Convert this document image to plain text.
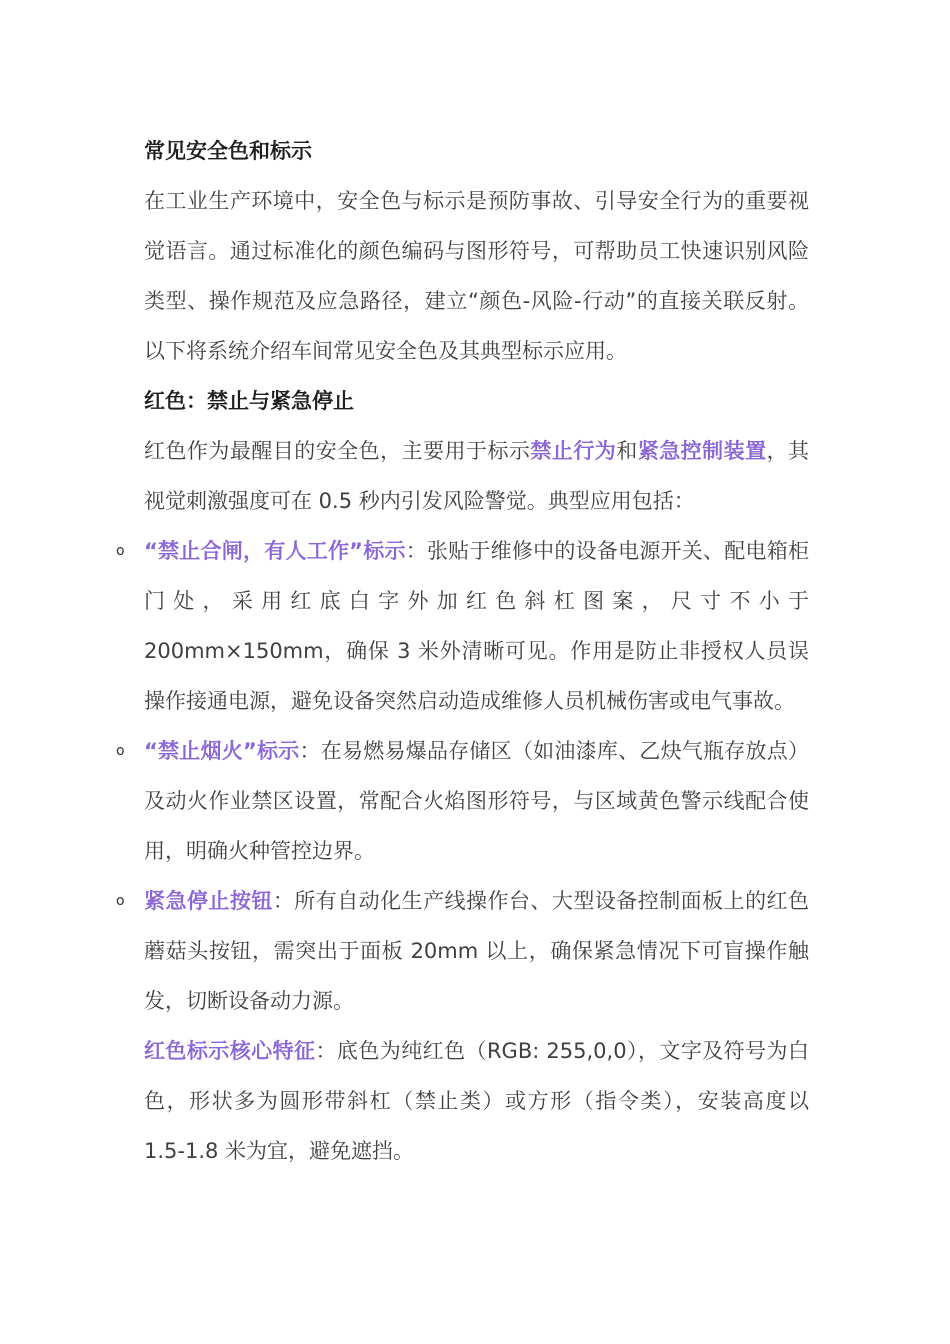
常见安全色和标示

在工业生产环境中，安全色与标示是预防事故、引导安全行为的重要视觉语言。通过标准化的颜色编码与图形符号，可帮助员工快速识别风险类型、操作规范及应急路径，建立“颜色-风险-行动”的直接关联反射。以下将系统介绍车间常见安全色及其典型标示应用。

红色：禁止与紧急停止

红色作为最醒目的安全色，主要用于标示禁止行为和紧急控制装置，其视觉刺激强度可在 0.5 秒内引发风险警觉。典型应用包括：

o “禁止合闸，有人工作”标示：张贴于维修中的设备电源开关、配电箱柜门处，采用红底白字外加红色斜杠图案，尺寸不小于 200mm×150mm，确保 3 米外清晰可见。作用是防止非授权人员误操作接通电源，避免设备突然启动造成维修人员机械伤害或电气事故。
o “禁止烟火”标示：在易燃易爆品存储区（如油漆库、乙炔气瓶存放点）及动火作业禁区设置，常配合火焰图形符号，与区域黄色警示线配合使用，明确火种管控边界。
o 紧急停止按钮：所有自动化生产线操作台、大型设备控制面板上的红色蘑菇头按钮，需突出于面板 20mm 以上，确保紧急情况下可盲操作触发，切断设备动力源。

红色标示核心特征：底色为纯红色（RGB: 255,0,0），文字及符号为白色，形状多为圆形带斜杠（禁止类）或方形（指令类），安装高度以 1.5-1.8 米为宜，避免遮挡。
